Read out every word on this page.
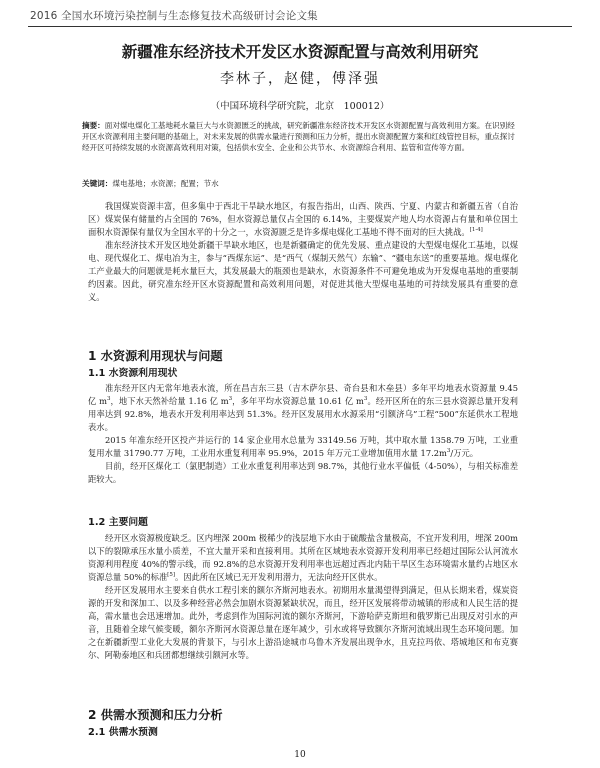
2016 全国水环境污染控制与生态修复技术高级研讨会论文集
新疆准东经济技术开发区水资源配置与高效利用研究
李林子，赵健，傅泽强
（中国环境科学研究院，北京　100012）
摘要：面对煤电煤化工基地耗水量巨大与水资源匮乏的挑战，研究新疆准东经济技术开发区水资源配置与高效利用方案。在识别经开区水资源利用主要问题的基础上，对未来发展的供需水量进行预测和压力分析，提出水资源配置方案和红线管控目标，重点探讨经开区可持续发展的水资源高效利用对策，包括供水安全、企业和公共节水、水资源综合利用、监管和宣传等方面。
关键词：煤电基地；水资源；配置；节水

我国煤炭资源丰富，但多集中于西北干旱缺水地区，有报告指出，山西、陕西、宁夏、内蒙古和新疆五省（自治区）煤炭保有储量约占全国的 76%，但水资源总量仅占全国的 6.14%，主要煤炭产地人均水资源占有量和单位国土面积水资源保有量仅为全国水平的十分之一，水资源匮乏是许多煤电煤化工基地不得不面对的巨大挑战。[1-4]

准东经济技术开发区地处新疆干旱缺水地区，也是新疆确定的优先发展、重点建设的大型煤电煤化工基地，以煤电、现代煤化工、煤电冶为主，参与“西煤东运”、是“西气（煤制天然气）东输”、“疆电东送”的重要基地。煤电煤化工产业最大的问题就是耗水量巨大，其发展最大的瓶颈也是缺水，水资源条件不可避免地成为开发煤电基地的重要制约因素。因此，研究准东经开区水资源配置和高效利用问题，对促进其他大型煤电基地的可持续发展具有重要的意义。

1 水资源利用现状与问题
1.1 水资源利用现状

准东经开区内无常年地表水流，所在昌吉东三县（吉木萨尔县、奇台县和木垒县）多年平均地表水资源量 9.45 亿 $m^3$，地下水天然补给量 1.16 亿 $m^3$，多年平均水资源总量 10.61 亿 $m^3$。经开区所在的东三县水资源总量开发利用率达到 92.8%，地表水开发利用率达到 51.3%。经开区发展用水水源采用“引额济乌”工程“500”东延供水工程地表水。

2015 年准东经开区投产并运行的 14 家企业用水总量为 33149.56 万吨，其中取水量 1358.79 万吨，工业重复用水量 31790.77 万吨，工业用水重复利用率 95.9%，2015 年万元工业增加值用水量 $17.2m^3/$万元。

目前，经开区煤化工（氯肥制造）工业水重复利用率达到 98.7%，其他行业水平偏低（4-50%），与相关标准差距较大。

1.2 主要问题

经开区水资源极度缺乏。区内埋深 200m 极稀少的浅层地下水由于硫酸盐含量极高，不宜开发利用，埋深 200m 以下的裂隙承压水量小质差，不宜大量开采和直接利用。其所在区域地表水资源开发利用率已经超过国际公认河流水资源利用程度 40%的警示线，而 92.8%的总水资源开发利用率也远超过西北内陆干旱区生态环境需水量约占地区水资源总量 50%的标准[5]。因此所在区域已无开发利用潜力，无法向经开区供水。

经开区发展用水主要来自供水工程引来的额尔齐斯河地表水。初期用水量渴望得到满足，但从长期来看，煤炭资源的开发和深加工、以及多种经营必然会加剧水资源紧缺状况，而且，经开区发展将带动城镇的形成和人民生活的提高，需水量也会迅速增加。此外，考虑到作为国际河流的额尔齐斯河，下游哈萨克斯坦和俄罗斯已出现反对引水的声音，且随着全球气候变暖，额尔齐斯河水资源总量在逐年减少，引水或将导致额尔齐斯河流域出现生态环境问题。加之在新疆新型工业化大发展的背景下，与引水上游沿途城市乌鲁木齐发展出现争水，且克拉玛依、塔城地区和布克赛尔、阿勒泰地区和兵团都想继续引额河水等。

2 供需水预测和压力分析
2.1 供需水预测
10
